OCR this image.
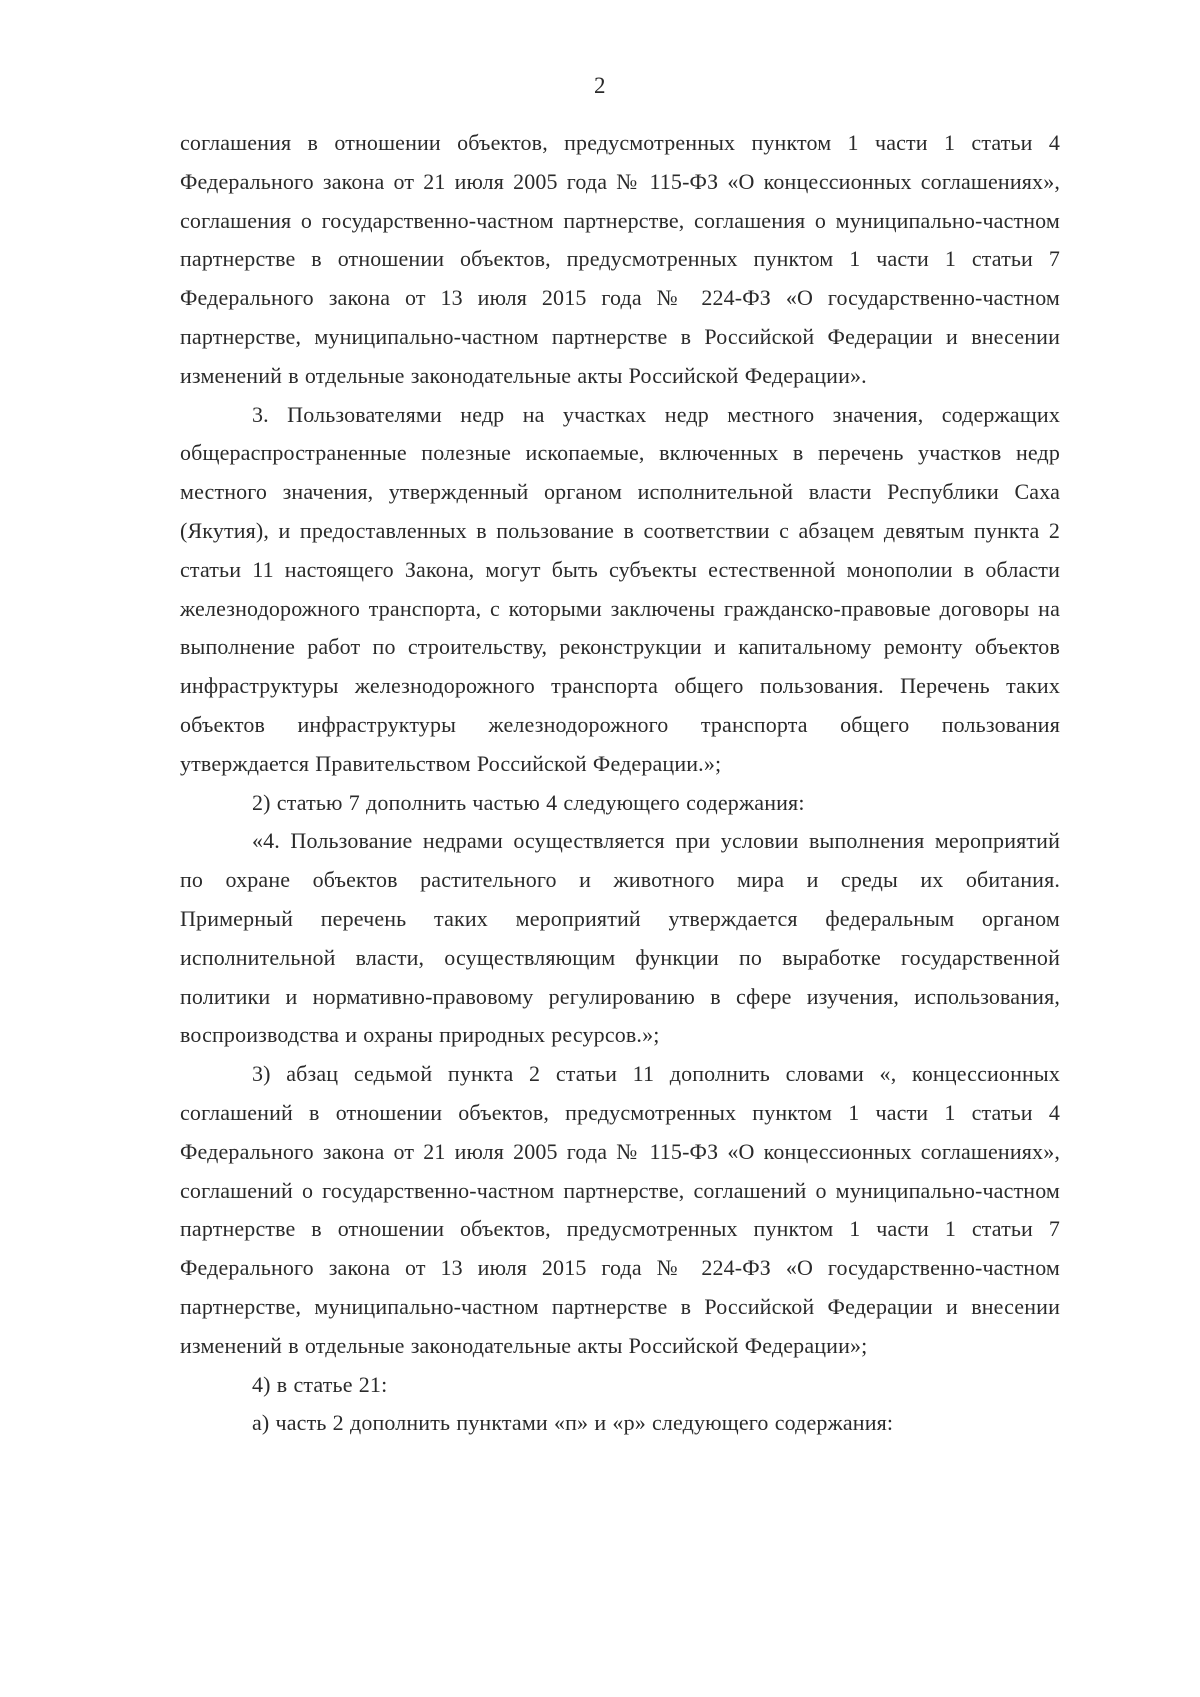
2
соглашения в отношении объектов, предусмотренных пунктом 1 части 1 статьи 4
Федерального закона от 21 июля 2005 года № 115-ФЗ «О концессионных соглашениях»,
соглашения о государственно-частном партнерстве, соглашения о муниципально-частном
партнерстве в отношении объектов, предусмотренных пунктом 1 части 1 статьи 7
Федерального закона от 13 июля 2015 года № 224-ФЗ «О государственно-частном
партнерстве, муниципально-частном партнерстве в Российской Федерации и внесении
изменений в отдельные законодательные акты Российской Федерации».
3. Пользователями недр на участках недр местного значения, содержащих
общераспространенные полезные ископаемые, включенных в перечень участков недр
местного значения, утвержденный органом исполнительной власти Республики Саха
(Якутия), и предоставленных в пользование в соответствии с абзацем девятым пункта 2
статьи 11 настоящего Закона, могут быть субъекты естественной монополии в области
железнодорожного транспорта, с которыми заключены гражданско-правовые договоры на
выполнение работ по строительству, реконструкции и капитальному ремонту объектов
инфраструктуры железнодорожного транспорта общего пользования. Перечень таких
объектов инфраструктуры железнодорожного транспорта общего пользования
утверждается Правительством Российской Федерации.»;
2) статью 7 дополнить частью 4 следующего содержания:
«4. Пользование недрами осуществляется при условии выполнения мероприятий
по охране объектов растительного и животного мира и среды их обитания.
Примерный перечень таких мероприятий утверждается федеральным органом
исполнительной власти, осуществляющим функции по выработке государственной
политики и нормативно-правовому регулированию в сфере изучения, использования,
воспроизводства и охраны природных ресурсов.»;
3) абзац седьмой пункта 2 статьи 11 дополнить словами «, концессионных
соглашений в отношении объектов, предусмотренных пунктом 1 части 1 статьи 4
Федерального закона от 21 июля 2005 года № 115-ФЗ «О концессионных соглашениях»,
соглашений о государственно-частном партнерстве, соглашений о муниципально-частном
партнерстве в отношении объектов, предусмотренных пунктом 1 части 1 статьи 7
Федерального закона от 13 июля 2015 года № 224-ФЗ «О государственно-частном
партнерстве, муниципально-частном партнерстве в Российской Федерации и внесении
изменений в отдельные законодательные акты Российской Федерации»;
4) в статье 21:
а) часть 2 дополнить пунктами «п» и «р» следующего содержания:
